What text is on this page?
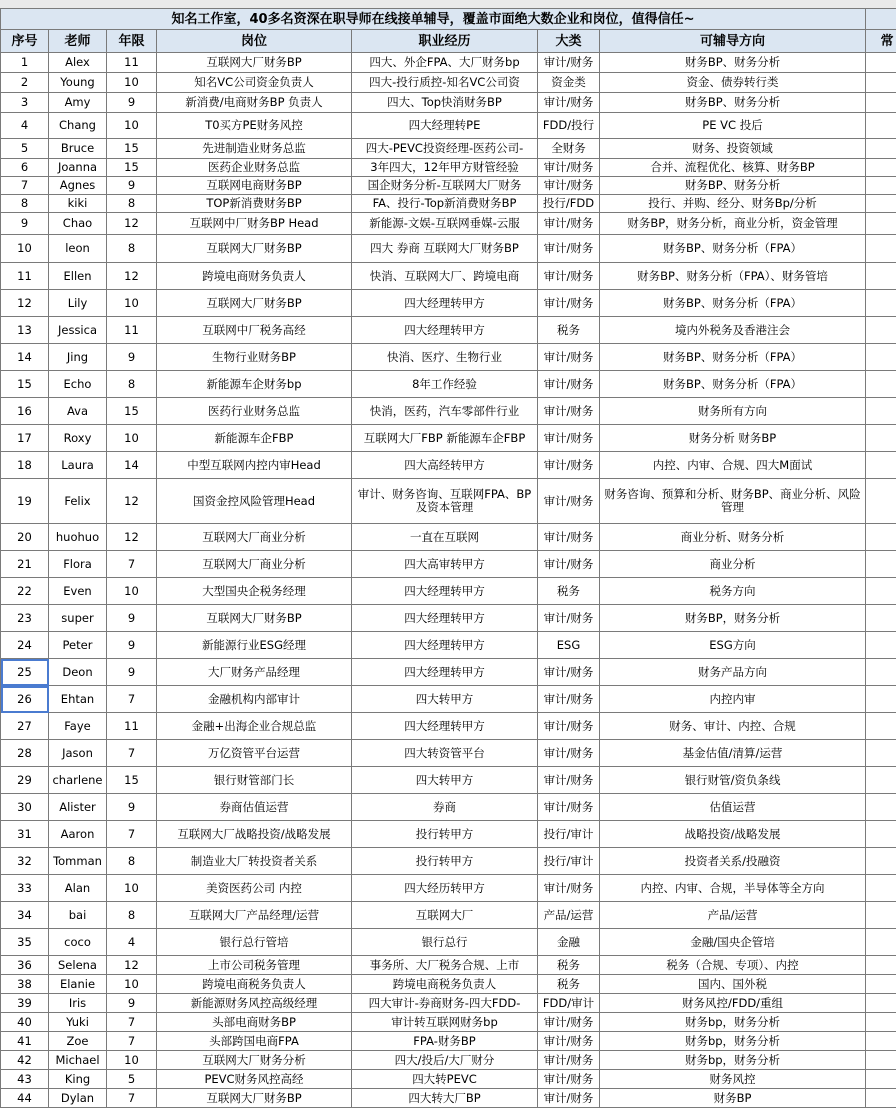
知名工作室，40多名资深在职导师在线接单辅导，覆盖市面绝大数企业和岗位，值得信任~							
序号	老师	年限	岗位	职业经历	大类	可辅导方向	常
1	Alex	11	互联网大厂财务BP	四大、外企FPA、大厂财务bp	审计/财务	财务BP、财务分析	
2	Young	10	知名VC公司资金负责人	四大-投行质控-知名VC公司资	资金类	资金、债券转行类	
3	Amy	9	新消费/电商财务BP 负责人	四大、Top快消财务BP	审计/财务	财务BP、财务分析	
4	Chang	10	T0买方PE财务风控	四大经理转PE	FDD/投行	PE VC 投后	
5	Bruce	15	先进制造业财务总监	四大-PEVC投资经理-医药公司-	全财务	财务、投资领域	
6	Joanna	15	医药企业财务总监	3年四大，12年甲方财管经验	审计/财务	合并、流程优化、核算、财务BP	
7	Agnes	9	互联网电商财务BP	国企财务分析-互联网大厂财务	审计/财务	财务BP、财务分析	
8	kiki	8	TOP新消费财务BP	FA、投行-Top新消费财务BP	投行/FDD	投行、并购、经分、财务Bp/分析	
9	Chao	12	互联网中厂财务BP Head	新能源-文娱-互联网垂媒-云服	审计/财务	财务BP，财务分析，商业分析，资金管理	
10	leon	8	互联网大厂财务BP	四大 券商 互联网大厂财务BP	审计/财务	财务BP、财务分析（FPA）	
11	Ellen	12	跨境电商财务负责人	快消、互联网大厂、跨境电商	审计/财务	财务BP、财务分析（FPA）、财务管培	
12	Lily	10	互联网大厂财务BP	四大经理转甲方	审计/财务	财务BP、财务分析（FPA）	
13	Jessica	11	互联网中厂税务高经	四大经理转甲方	税务	境内外税务及香港注会	
14	Jing	9	生物行业财务BP	快消、医疗、生物行业	审计/财务	财务BP、财务分析（FPA）	
15	Echo	8	新能源车企财务bp	8年工作经验	审计/财务	财务BP、财务分析（FPA）	
16	Ava	15	医药行业财务总监	快消，医药，汽车零部件行业	审计/财务	财务所有方向	
17	Roxy	10	新能源车企FBP	互联网大厂FBP 新能源车企FBP	审计/财务	财务分析 财务BP	
18	Laura	14	中型互联网内控内审Head	四大高经转甲方	审计/财务	内控、内审、合规、四大M面试	
19	Felix	12	国资金控风险管理Head	审计、财务咨询、互联网FPA、BP及资本管理	审计/财务	财务咨询、预算和分析、财务BP、商业分析、风险管理	
20	huohuo	12	互联网大厂商业分析	一直在互联网	审计/财务	商业分析、财务分析	
21	Flora	7	互联网大厂商业分析	四大高审转甲方	审计/财务	商业分析	
22	Even	10	大型国央企税务经理	四大经理转甲方	税务	税务方向	
23	super	9	互联网大厂财务BP	四大经理转甲方	审计/财务	财务BP，财务分析	
24	Peter	9	新能源行业ESG经理	四大经理转甲方	ESG	ESG方向	
25	Deon	9	大厂财务产品经理	四大经理转甲方	审计/财务	财务产品方向	
26	Ehtan	7	金融机构内部审计	四大转甲方	审计/财务	内控内审	
27	Faye	11	金融+出海企业合规总监	四大经理转甲方	审计/财务	财务、审计、内控、合规	
28	Jason	7	万亿资管平台运营	四大转资管平台	审计/财务	基金估值/清算/运营	
29	charlene	15	银行财管部门长	四大转甲方	审计/财务	银行财管/资负条线	
30	Alister	9	券商估值运营	券商	审计/财务	估值运营	
31	Aaron	7	互联网大厂战略投资/战略发展	投行转甲方	投行/审计	战略投资/战略发展	
32	Tomman	8	制造业大厂转投资者关系	投行转甲方	投行/审计	投资者关系/投融资	
33	Alan	10	美资医药公司 内控	四大经历转甲方	审计/财务	内控、内审、合规，半导体等全方向	
34	bai	8	互联网大厂产品经理/运营	互联网大厂	产品/运营	产品/运营	
35	coco	4	银行总行管培	银行总行	金融	金融/国央企管培	
36	Selena	12	上市公司税务管理	事务所、大厂税务合规、上市	税务	税务（合规、专项）、内控	
38	Elanie	10	跨境电商税务负责人	跨境电商税务负责人	税务	国内、国外税	
39	Iris	9	新能源财务风控高级经理	四大审计-券商财务-四大FDD-	FDD/审计	财务风控/FDD/重组	
40	Yuki	7	头部电商财务BP	审计转互联网财务bp	审计/财务	财务bp，财务分析	
41	Zoe	7	头部跨国电商FPA	FPA-财务BP	审计/财务	财务bp，财务分析	
42	Michael	10	互联网大厂财务分析	四大/投后/大厂财分	审计/财务	财务bp，财务分析	
43	King	5	PEVC财务风控高经	四大转PEVC	审计/财务	财务风控	
44	Dylan	7	互联网大厂财务BP	四大转大厂BP	审计/财务	财务BP	
